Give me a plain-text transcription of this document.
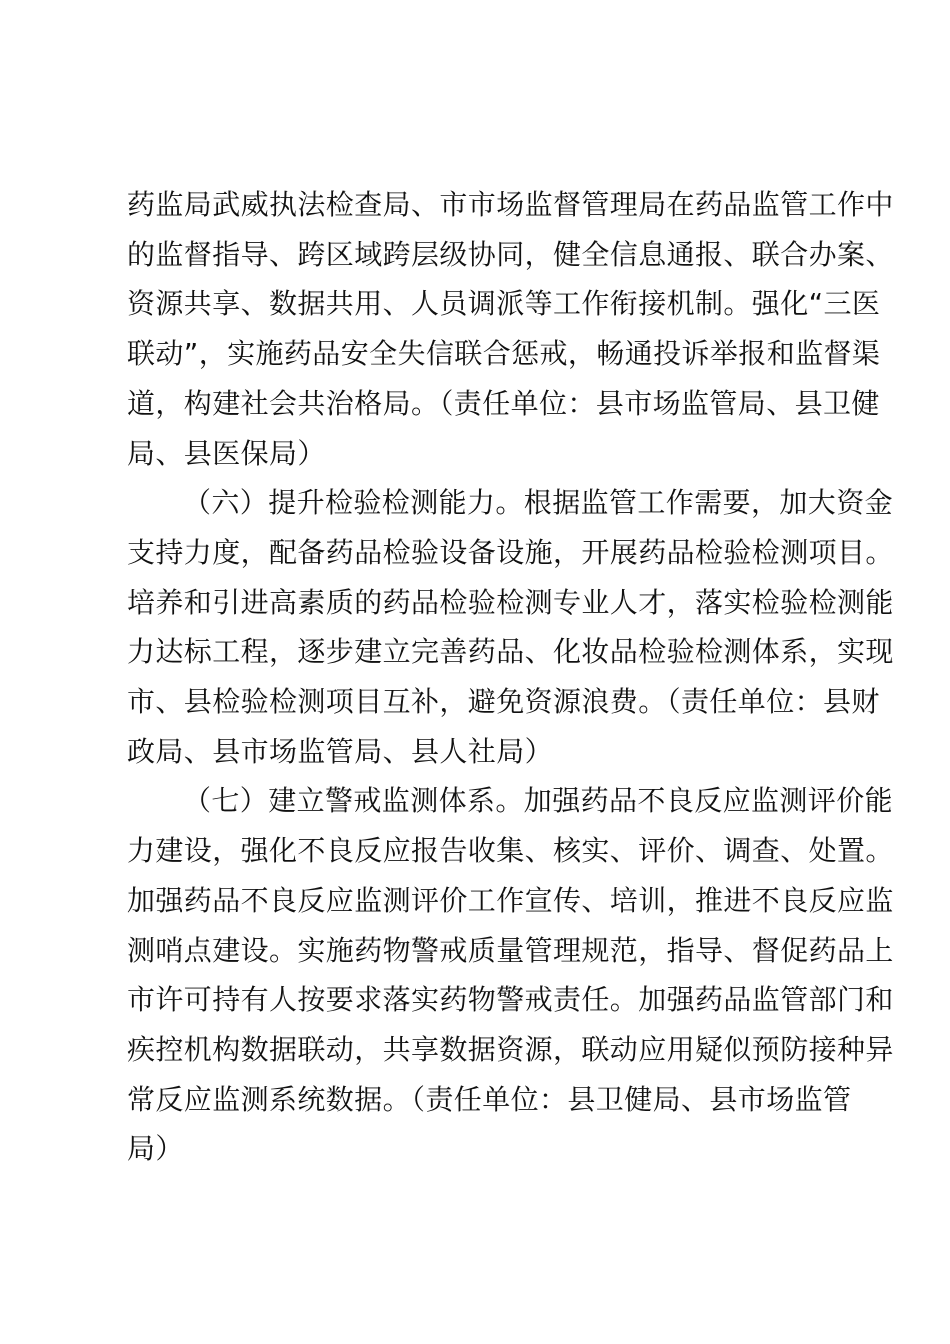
药监局武威执法检查局、市市场监督管理局在药品监管工作中
的监督指导、跨区域跨层级协同，健全信息通报、联合办案、
资源共享、数据共用、人员调派等工作衔接机制。强化“三医
联动”，实施药品安全失信联合惩戒，畅通投诉举报和监督渠
道，构建社会共治格局。（责任单位：县市场监管局、县卫健
局、县医保局）

（六）提升检验检测能力。根据监管工作需要，加大资金
支持力度，配备药品检验设备设施，开展药品检验检测项目。
培养和引进高素质的药品检验检测专业人才，落实检验检测能
力达标工程，逐步建立完善药品、化妆品检验检测体系，实现
市、县检验检测项目互补，避免资源浪费。（责任单位：县财
政局、县市场监管局、县人社局）

（七）建立警戒监测体系。加强药品不良反应监测评价能
力建设，强化不良反应报告收集、核实、评价、调查、处置。
加强药品不良反应监测评价工作宣传、培训，推进不良反应监
测哨点建设。实施药物警戒质量管理规范，指导、督促药品上
市许可持有人按要求落实药物警戒责任。加强药品监管部门和
疾控机构数据联动，共享数据资源，联动应用疑似预防接种异
常反应监测系统数据。（责任单位：县卫健局、县市场监管
局）
